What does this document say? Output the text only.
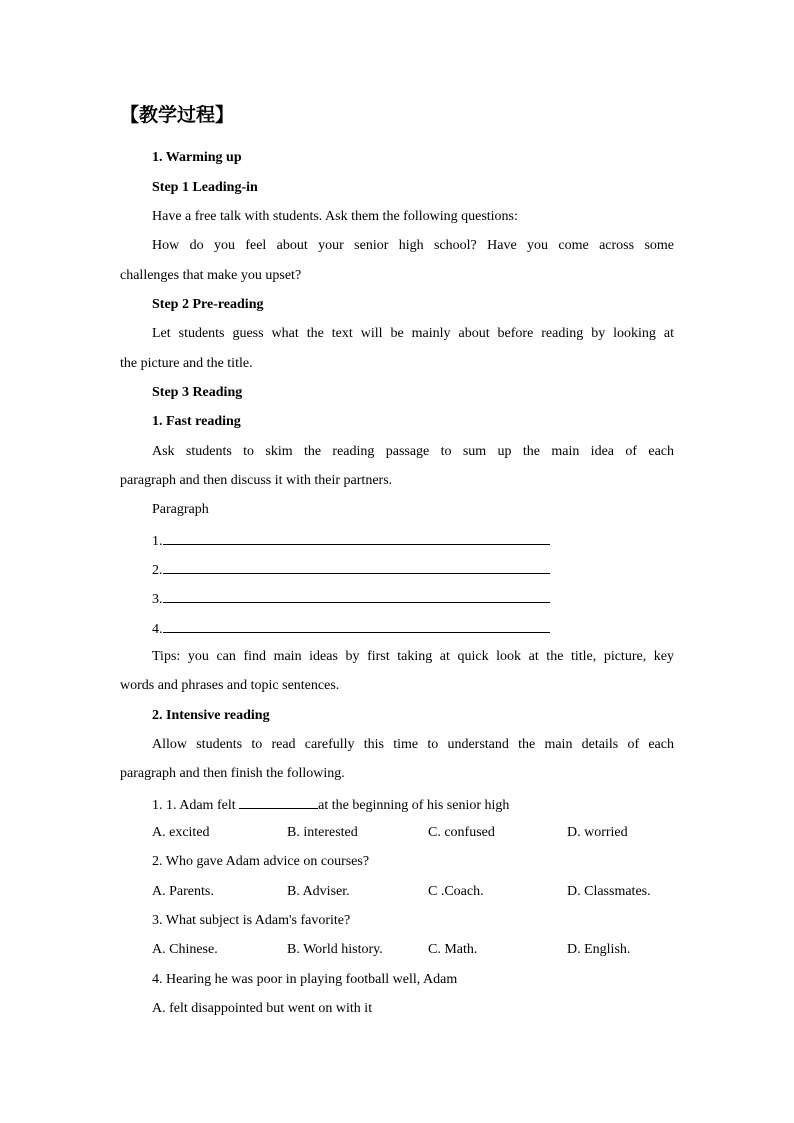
【教学过程】
1. Warming up
Step 1 Leading-in
Have a free talk with students. Ask them the following questions:
How do you feel about your senior high school? Have you come across some
challenges that make you upset?
Step 2 Pre-reading
Let students guess what the text will be mainly about before reading by looking at
the picture and the title.
Step 3 Reading
1. Fast reading
Ask students to skim the reading passage to sum up the main idea of each
paragraph and then discuss it with their partners.
Paragraph
1.
2.
3.
4.
Tips: you can find main ideas by first taking at quick look at the title, picture, key
words and phrases and topic sentences.
2. Intensive reading
Allow students to read carefully this time to understand the main details of each
paragraph and then finish the following.
1. 1. Adam felt	at the beginning of his senior high
A. excited	B. interested	C. confused	D. worried
2. Who gave Adam advice on courses?
A. Parents.	B. Adviser.	C .Coach.	D. Classmates.
3. What subject is Adam's favorite?
A. Chinese.	B. World history.	C. Math.	D. English.
4. Hearing he was poor in playing football well, Adam
A. felt disappointed but went on with it
